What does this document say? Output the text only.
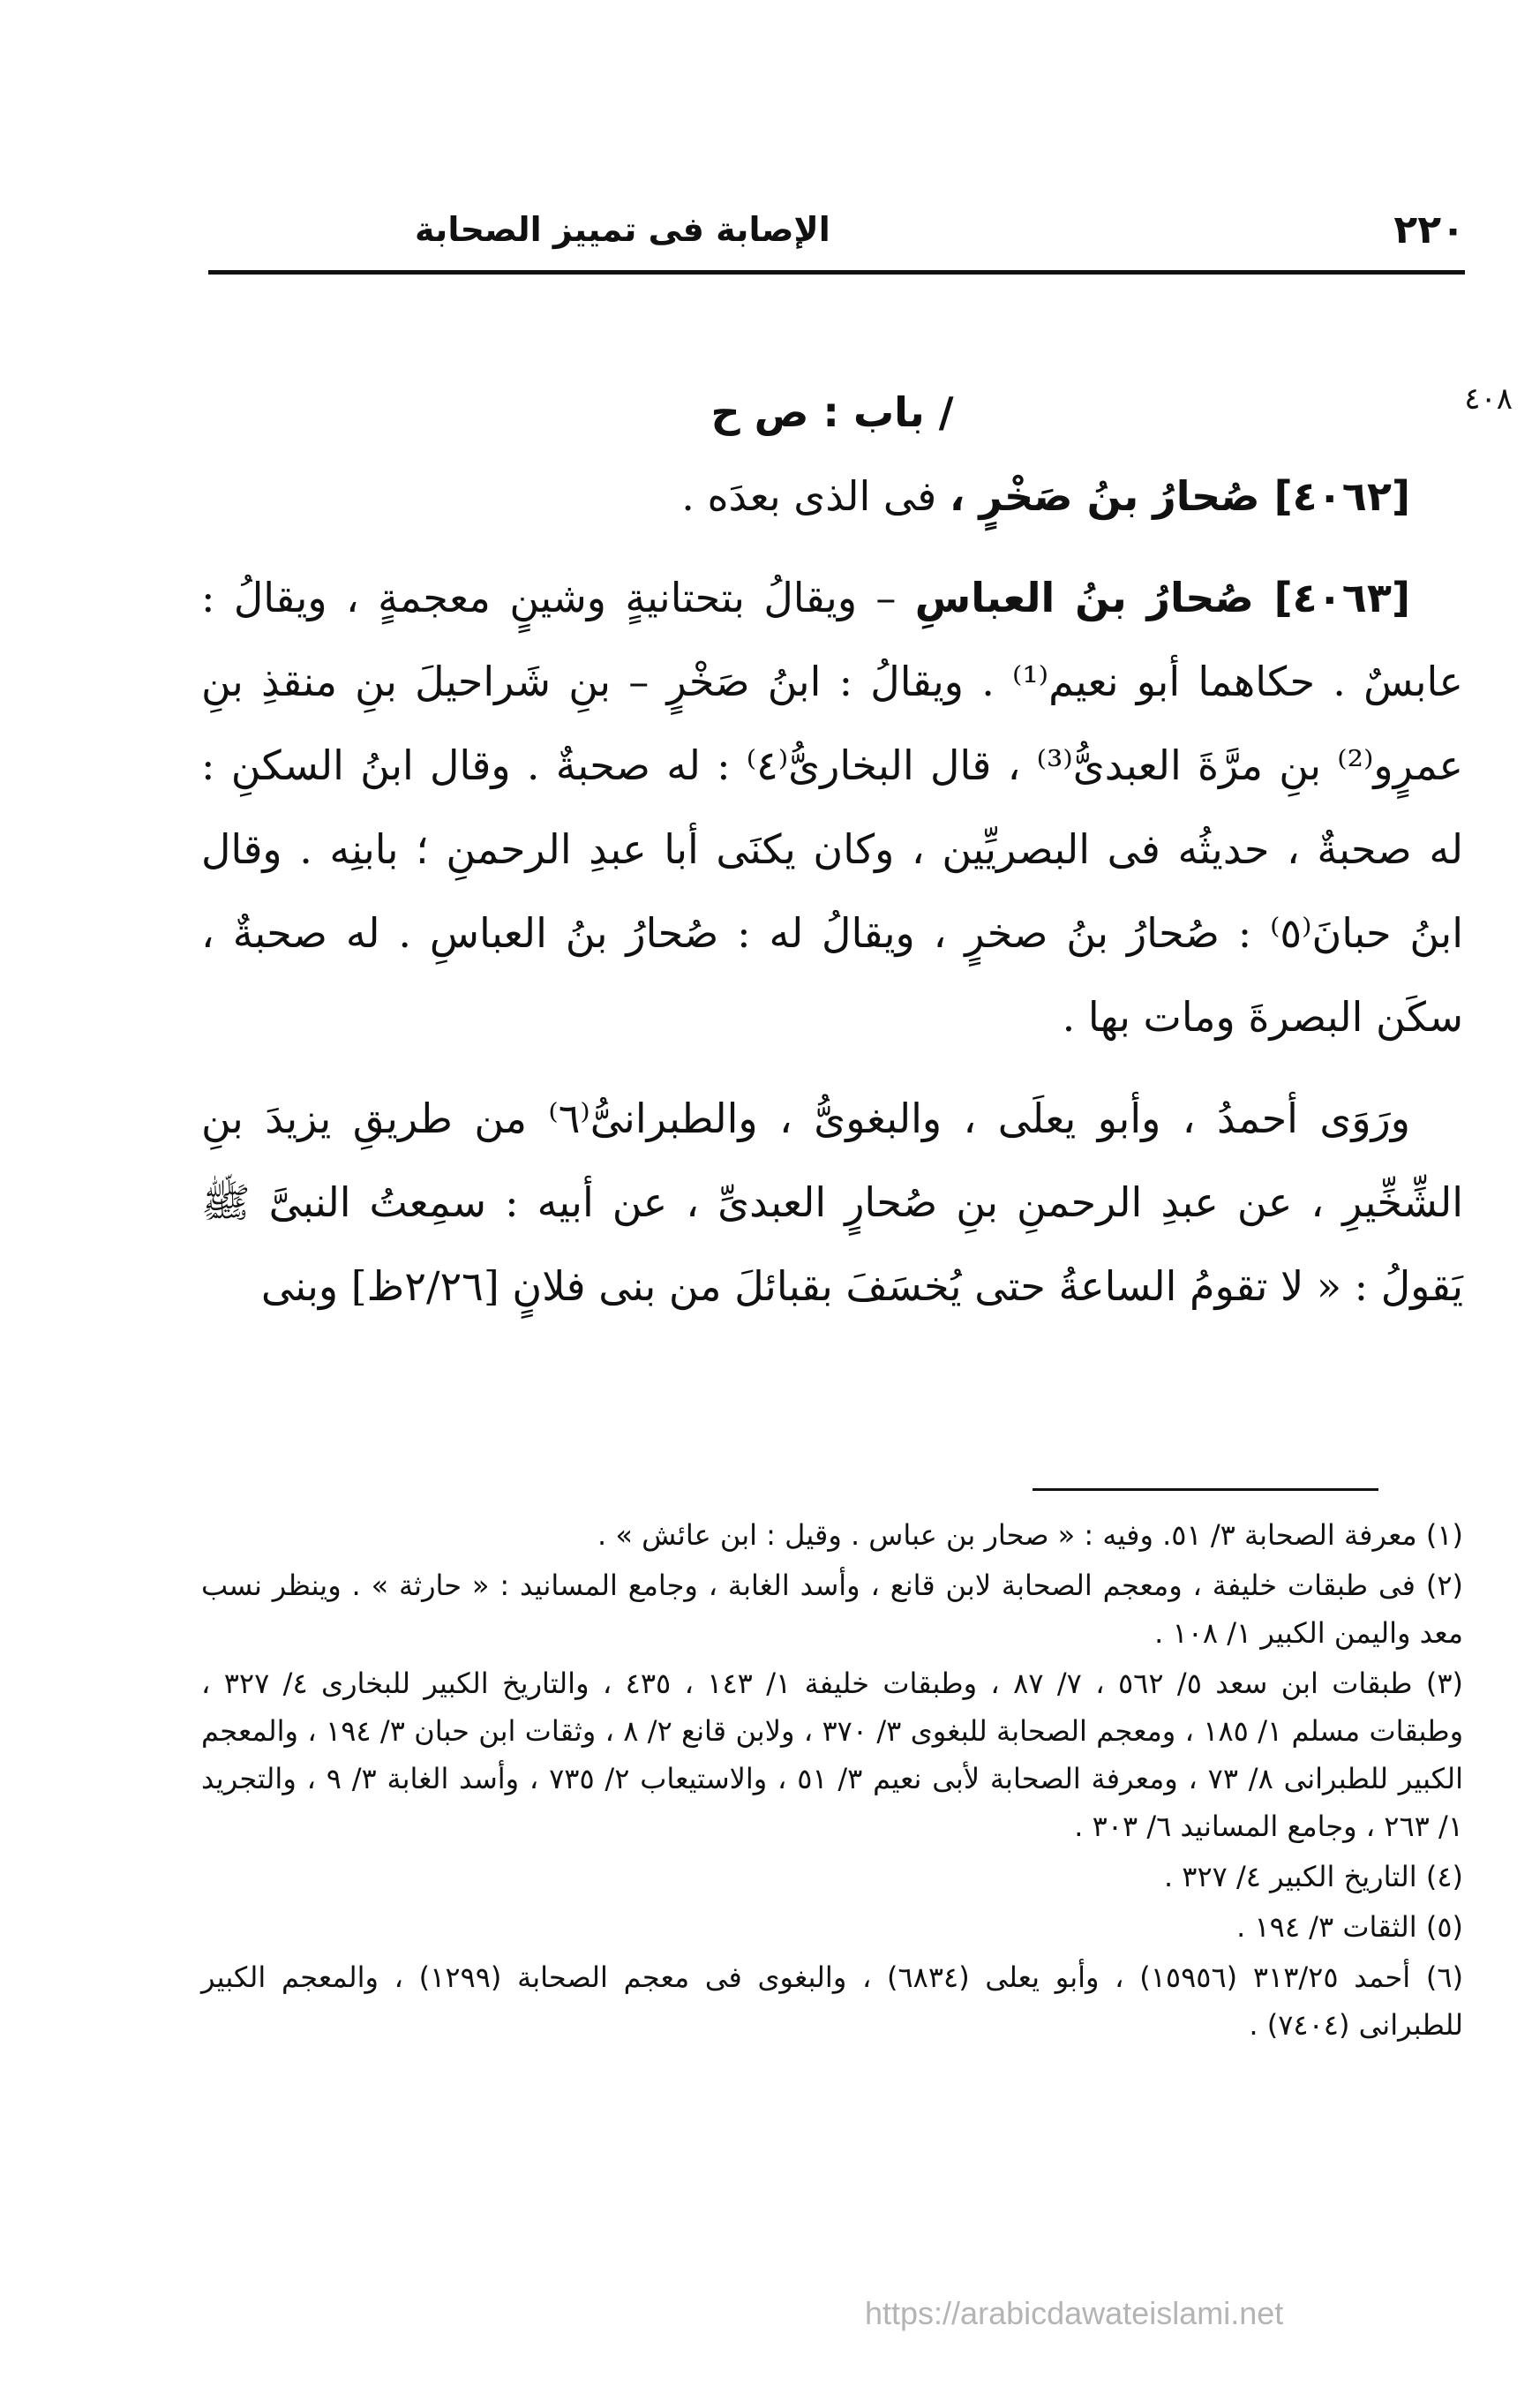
٢٢٠
الإصابة فى تمييز الصحابة
٤٠٨

/ باب : ص ح

[٤٠٦٢] صُحارُ بنُ صَخْرٍ ، فى الذى بعدَه .

[٤٠٦٣] صُحارُ بنُ العباسِ – ويقالُ بتحتانيةٍ وشينٍ معجمةٍ ، ويقالُ : عابسٌ . حكاهما أبو نعيم⁽¹⁾ . ويقالُ : ابنُ صَخْرٍ – بنِ شَراحيلَ بنِ منقذِ بنِ عمرٍو⁽²⁾ بنِ مرَّةَ العبدىُّ⁽³⁾ ، قال البخارىُّ⁽٤⁾ : له صحبةٌ . وقال ابنُ السكنِ : له صحبةٌ ، حديثُه فى البصريِّين ، وكان يكنَى أبا عبدِ الرحمنِ ؛ بابنِه . وقال ابنُ حبانَ⁽٥⁾ : صُحارُ بنُ صخرٍ ، ويقالُ له : صُحارُ بنُ العباسِ . له صحبةٌ ، سكَن البصرةَ ومات بها .

ورَوَى أحمدُ ، وأبو يعلَى ، والبغوىُّ ، والطبرانىُّ⁽٦⁾ من طريقِ يزيدَ بنِ الشِّخِّيرِ ، عن عبدِ الرحمنِ بنِ صُحارٍ العبدىِّ ، عن أبيه : سمِعتُ النبىَّ ﷺ يَقولُ : « لا تقومُ الساعةُ حتى يُخسَفَ بقبائلَ من بنى فلانٍ [٢/٢٦ظ] وبنى

(١) معرفة الصحابة ٣/ ٥١. وفيه : « صحار بن عباس . وقيل : ابن عائش » .

(٢) فى طبقات خليفة ، ومعجم الصحابة لابن قانع ، وأسد الغابة ، وجامع المسانيد : « حارثة » . وينظر نسب معد واليمن الكبير ١/ ١٠٨ .

(٣) طبقات ابن سعد ٥/ ٥٦٢ ، ٧/ ٨٧ ، وطبقات خليفة ١/ ١٤٣ ، ٤٣٥ ، والتاريخ الكبير للبخارى ٤/ ٣٢٧ ، وطبقات مسلم ١/ ١٨٥ ، ومعجم الصحابة للبغوى ٣/ ٣٧٠ ، ولابن قانع ٢/ ٨ ، وثقات ابن حبان ٣/ ١٩٤ ، والمعجم الكبير للطبرانى ٨/ ٧٣ ، ومعرفة الصحابة لأبى نعيم ٣/ ٥١ ، والاستيعاب ٢/ ٧٣٥ ، وأسد الغابة ٣/ ٩ ، والتجريد ١/ ٢٦٣ ، وجامع المسانيد ٦/ ٣٠٣ .

(٤) التاريخ الكبير ٤/ ٣٢٧ .

(٥) الثقات ٣/ ١٩٤ .

(٦) أحمد ٣١٣/٢٥ (١٥٩٥٦) ، وأبو يعلى (٦٨٣٤) ، والبغوى فى معجم الصحابة (١٢٩٩) ، والمعجم الكبير للطبرانى (٧٤٠٤) .

https://arabicdawateislami.net
